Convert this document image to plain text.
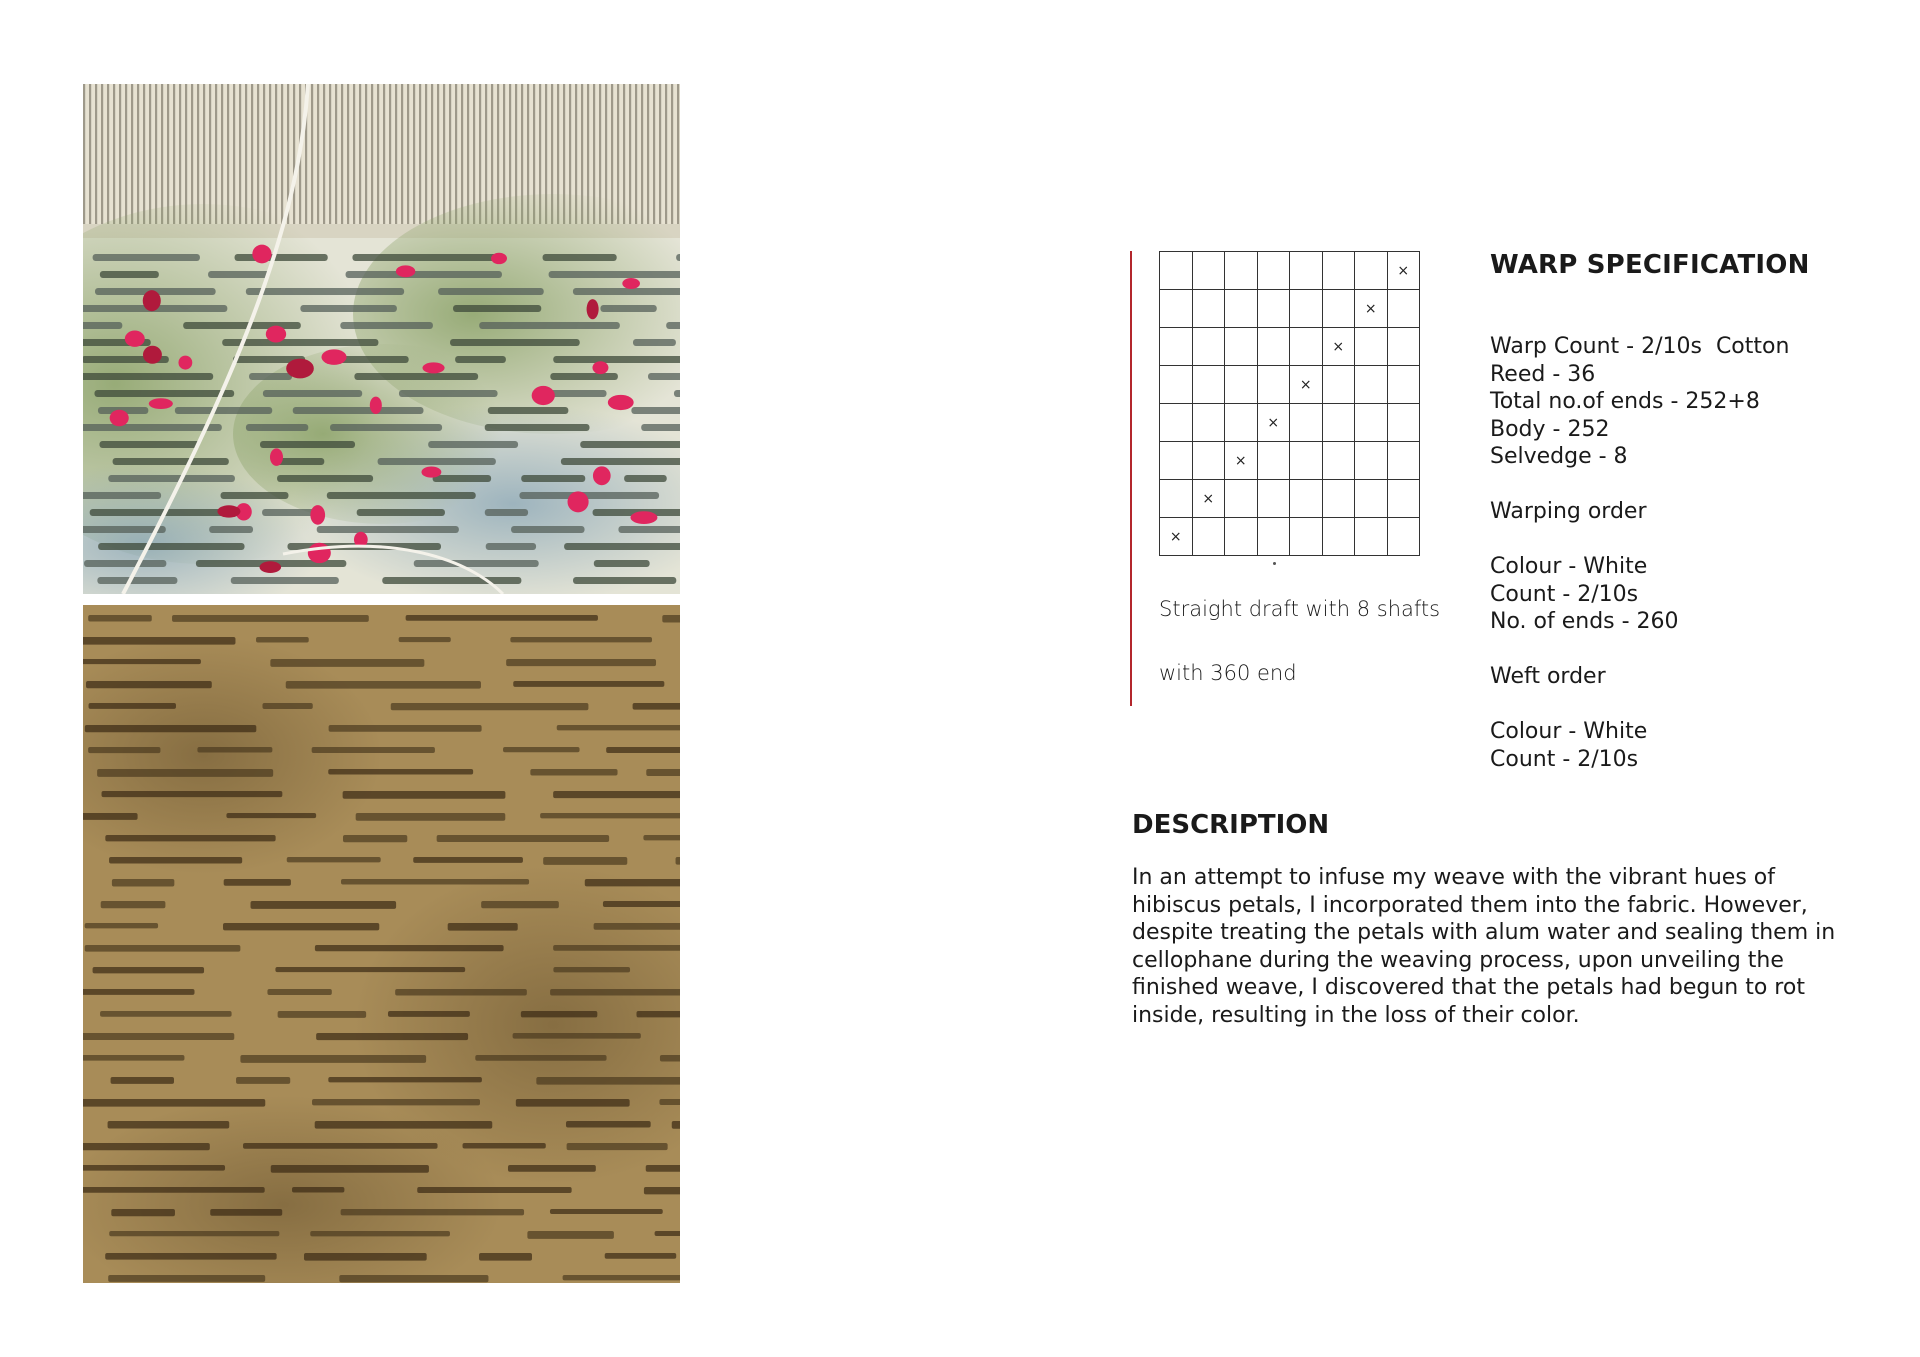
							×
						×	
					×		
				×			
			×				
		×					
	×						
×							

Straight draft with 8 shafts

with 360 end

WARP SPECIFICATION
Warp Count - 2/10s  Cotton
Reed - 36
Total no.of ends - 252+8
Body - 252
Selvedge - 8
Warping order
Colour - White
Count - 2/10s
No. of ends - 260
Weft order
Colour - White
Count - 2/10s
DESCRIPTION

In an attempt to infuse my weave with the vibrant hues of hibiscus petals, I incorporated them into the fabric. However, despite treating the petals with alum water and sealing them in cellophane during the weaving process, upon unveiling the finished weave, I discovered that the petals had begun to rot inside, resulting in the loss of their color.
